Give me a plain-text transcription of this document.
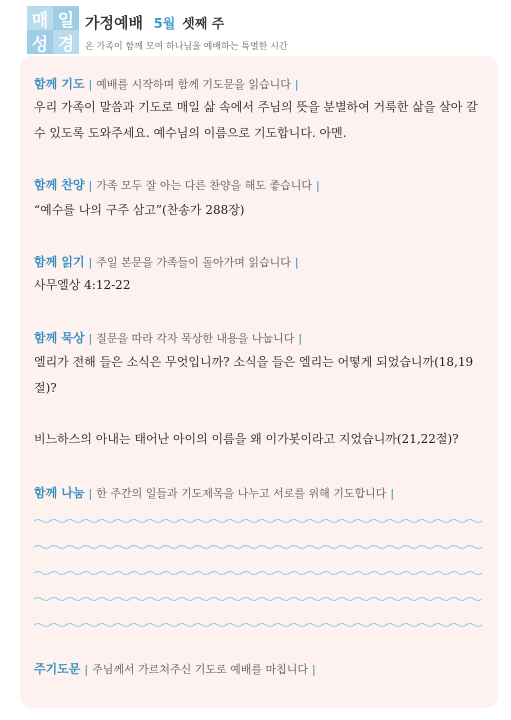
매 일
성 경
가정예배 5월 셋째 주
온 가족이 함께 모여 하나님을 예배하는 특별한 시간
함께 기도 | 예배를 시작하며 함께 기도문을 읽습니다 |
우리 가족이 말씀과 기도로 매일 삶 속에서 주님의 뜻을 분별하여 거룩한 삶을 살아 갈 수 있도록 도와주세요. 예수님의 이름으로 기도합니다. 아멘.
함께 찬양 | 가족 모두 잘 아는 다른 찬양을 해도 좋습니다 |
“예수를 나의 구주 삼고”(찬송가 288장)
함께 읽기 | 주일 본문을 가족들이 돌아가며 읽습니다 |
사무엘상 4:12-22
함께 묵상 | 질문을 따라 각자 묵상한 내용을 나눕니다 |
엘리가 전해 들은 소식은 무엇입니까? 소식을 들은 엘리는 어떻게 되었습니까(18,19절)?
비느하스의 아내는 태어난 아이의 이름을 왜 이가봇이라고 지었습니까(21,22절)?
함께 나눔 | 한 주간의 일들과 기도제목을 나누고 서로를 위해 기도합니다 |
주기도문 | 주님께서 가르쳐주신 기도로 예배를 마칩니다 |
